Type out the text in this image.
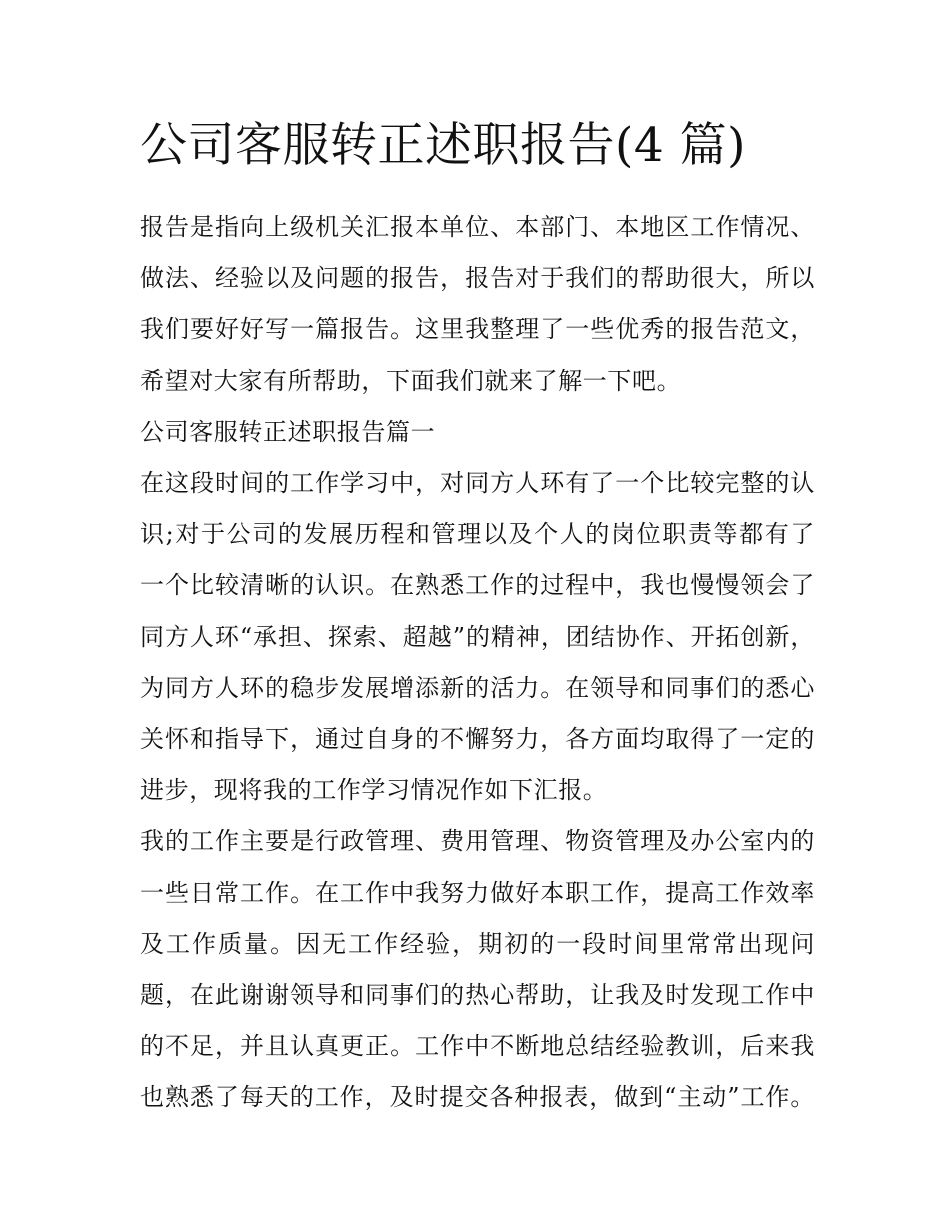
公司客服转正述职报告(4 篇)

报告是指向上级机关汇报本单位、本部门、本地区工作情况、
做法、经验以及问题的报告，报告对于我们的帮助很大，所以
我们要好好写一篇报告。这里我整理了一些优秀的报告范文，
希望对大家有所帮助，下面我们就来了解一下吧。

公司客服转正述职报告篇一

在这段时间的工作学习中，对同方人环有了一个比较完整的认
识;对于公司的发展历程和管理以及个人的岗位职责等都有了
一个比较清晰的认识。在熟悉工作的过程中，我也慢慢领会了
同方人环“承担、探索、超越”的精神，团结协作、开拓创新，
为同方人环的稳步发展增添新的活力。在领导和同事们的悉心
关怀和指导下，通过自身的不懈努力，各方面均取得了一定的
进步，现将我的工作学习情况作如下汇报。

我的工作主要是行政管理、费用管理、物资管理及办公室内的
一些日常工作。在工作中我努力做好本职工作，提高工作效率
及工作质量。因无工作经验，期初的一段时间里常常出现问
题，在此谢谢领导和同事们的热心帮助，让我及时发现工作中
的不足，并且认真更正。工作中不断地总结经验教训，后来我
也熟悉了每天的工作，及时提交各种报表，做到“主动”工作。
